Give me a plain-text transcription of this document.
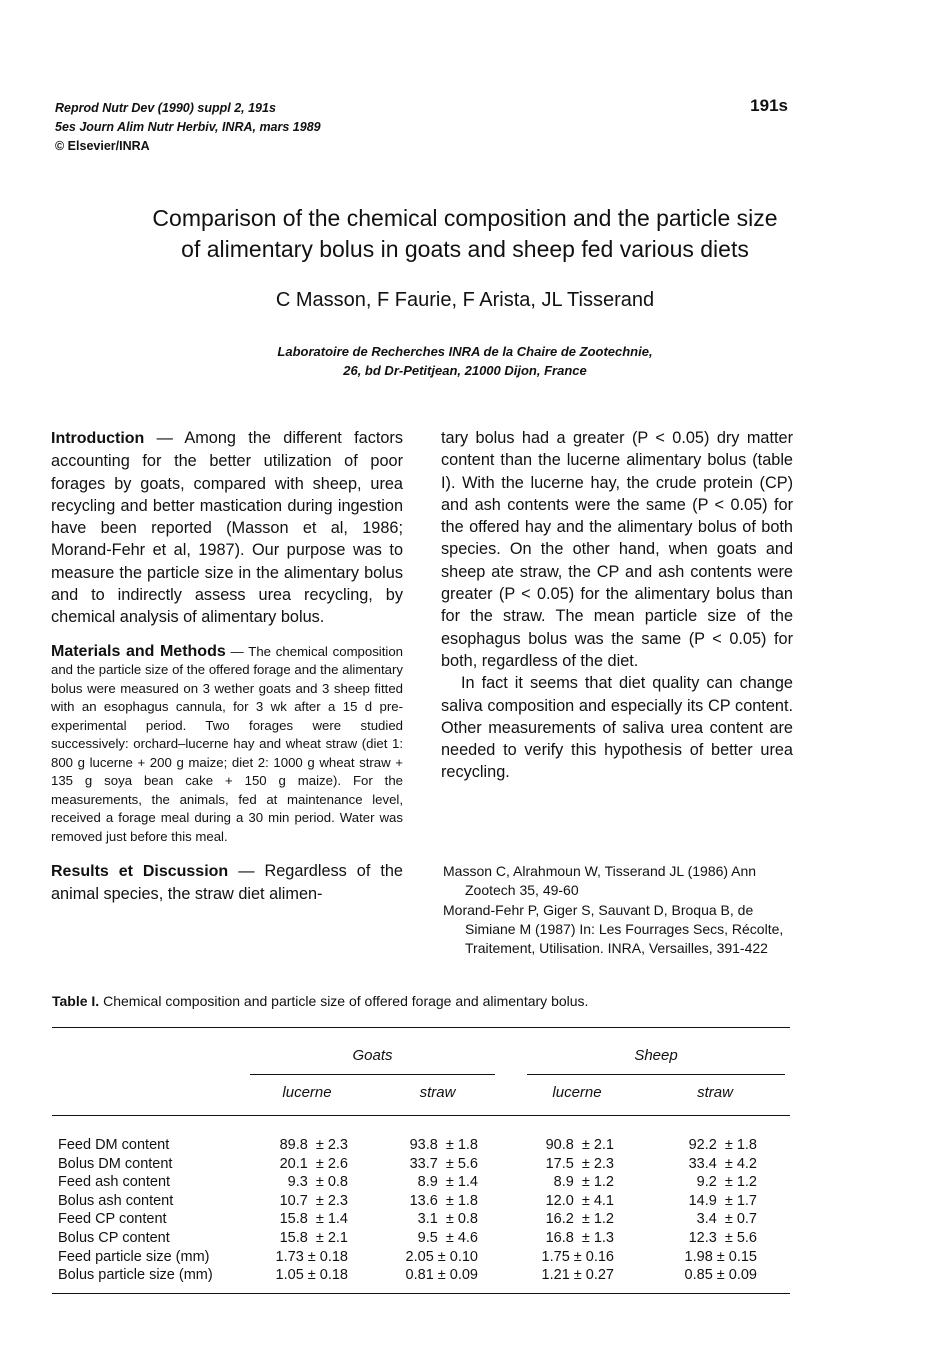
Reprod Nutr Dev (1990) suppl 2, 191s
5es Journ Alim Nutr Herbiv, INRA, mars 1989
© Elsevier/INRA
191s
Comparison of the chemical composition and the particle size
of alimentary bolus in goats and sheep fed various diets
C Masson, F Faurie, F Arista, JL Tisserand
Laboratoire de Recherches INRA de la Chaire de Zootechnie,
26, bd Dr-Petitjean, 21000 Dijon, France

Introduction — Among the different factors accounting for the better utilization of poor forages by goats, compared with sheep, urea recycling and better mastication during ingestion have been reported (Masson et al, 1986; Morand-Fehr et al, 1987). Our purpose was to measure the particle size in the alimentary bolus and to indirectly assess urea recycling, by chemical analysis of alimentary bolus.

Materials and Methods — The chemical composition and the particle size of the offered forage and the alimentary bolus were measured on 3 wether goats and 3 sheep fitted with an esophagus cannula, for 3 wk after a 15 d pre-experimental period. Two forages were studied successively: orchard–lucerne hay and wheat straw (diet 1: 800 g lucerne + 200 g maize; diet 2: 1000 g wheat straw + 135 g soya bean cake + 150 g maize). For the measurements, the animals, fed at maintenance level, received a forage meal during a 30 min period. Water was removed just before this meal.

Results et Discussion — Regardless of the animal species, the straw diet alimen-

tary bolus had a greater (P < 0.05) dry matter content than the lucerne alimentary bolus (table I). With the lucerne hay, the crude protein (CP) and ash contents were the same (P < 0.05) for the offered hay and the alimentary bolus of both species. On the other hand, when goats and sheep ate straw, the CP and ash contents were greater (P < 0.05) for the alimentary bolus than for the straw. The mean particle size of the esophagus bolus was the same (P < 0.05) for both, regardless of the diet.

In fact it seems that diet quality can change saliva composition and especially its CP content. Other measurements of saliva urea content are needed to verify this hypothesis of better urea recycling.

Masson C, Alrahmoun W, Tisserand JL (1986) Ann Zootech 35, 49-60

Morand-Fehr P, Giger S, Sauvant D, Broqua B, de Simiane M (1987) In: Les Fourrages Secs, Récolte, Traitement, Utilisation. INRA, Versailles, 391-422

Table I. Chemical composition and particle size of offered forage and alimentary bolus.
Goats	Sheep
lucerne	straw	lucerne	straw
Feed DM content	89.8  ± 2.3	93.8  ± 1.8	90.8  ± 2.1	92.2  ± 1.8
Bolus DM content	20.1  ± 2.6	33.7  ± 5.6	17.5  ± 2.3	33.4  ± 4.2
Feed ash content	9.3  ± 0.8	8.9  ± 1.4	8.9  ± 1.2	9.2  ± 1.2
Bolus ash content	10.7  ± 2.3	13.6  ± 1.8	12.0  ± 4.1	14.9  ± 1.7
Feed CP content	15.8  ± 1.4	3.1  ± 0.8	16.2  ± 1.2	3.4  ± 0.7
Bolus CP content	15.8  ± 2.1	9.5  ± 4.6	16.8  ± 1.3	12.3  ± 5.6
Feed particle size (mm)	1.73 ± 0.18	2.05 ± 0.10	1.75 ± 0.16	1.98 ± 0.15
Bolus particle size (mm)	1.05 ± 0.18	0.81 ± 0.09	1.21 ± 0.27	0.85 ± 0.09
